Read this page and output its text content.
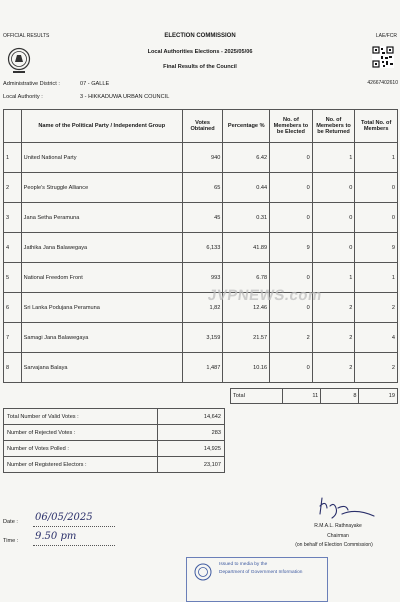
OFFICIAL RESULTS	LAE/FCR
ELECTION COMMISSION
Local Authorities Elections - 2025/05/06
Final Results of the Council
42667402610
Administrative District :	07 - GALLE
Local Authority :	3 - HIKKADUWA URBAN COUNCIL
	Name of the Political Party / Independent Group	Votes Obtained	Percentage %	No. of Memebers to be Elected	No. of Memebers to be Returned	Total No. of Members
1	United National Party	940	6.42	0	1	1
2	People's Struggle Alliance	65	0.44	0	0	0
3	Jana Setha Peramuna	45	0.31	0	0	0
4	Jathika Jana Balawegaya	6,133	41.89	9	0	9
5	National Freedom Front	993	6.78	0	1	1
6	Sri Lanka Podujana Peramuna	1,82	12.46	0	2	2
7	Samagi Jana Balawegaya	3,159	21.57	2	2	4
8	Sarvajana Balaya	1,487	10.16	0	2	2
JVPNEWS.com
Total	11	8	19
Total Number of Valid Votes :	14,642
Number of Rejected Votes :	283
Number of Votes Polled :	14,925
Number of Registered Electors :	23,107
Date : 06/05/2025
Time : 9.50 pm
R.M.A.L. Rathnayake
Chairman
(on behalf of Election Commission)
Issued to media by the
Department of Government Information
